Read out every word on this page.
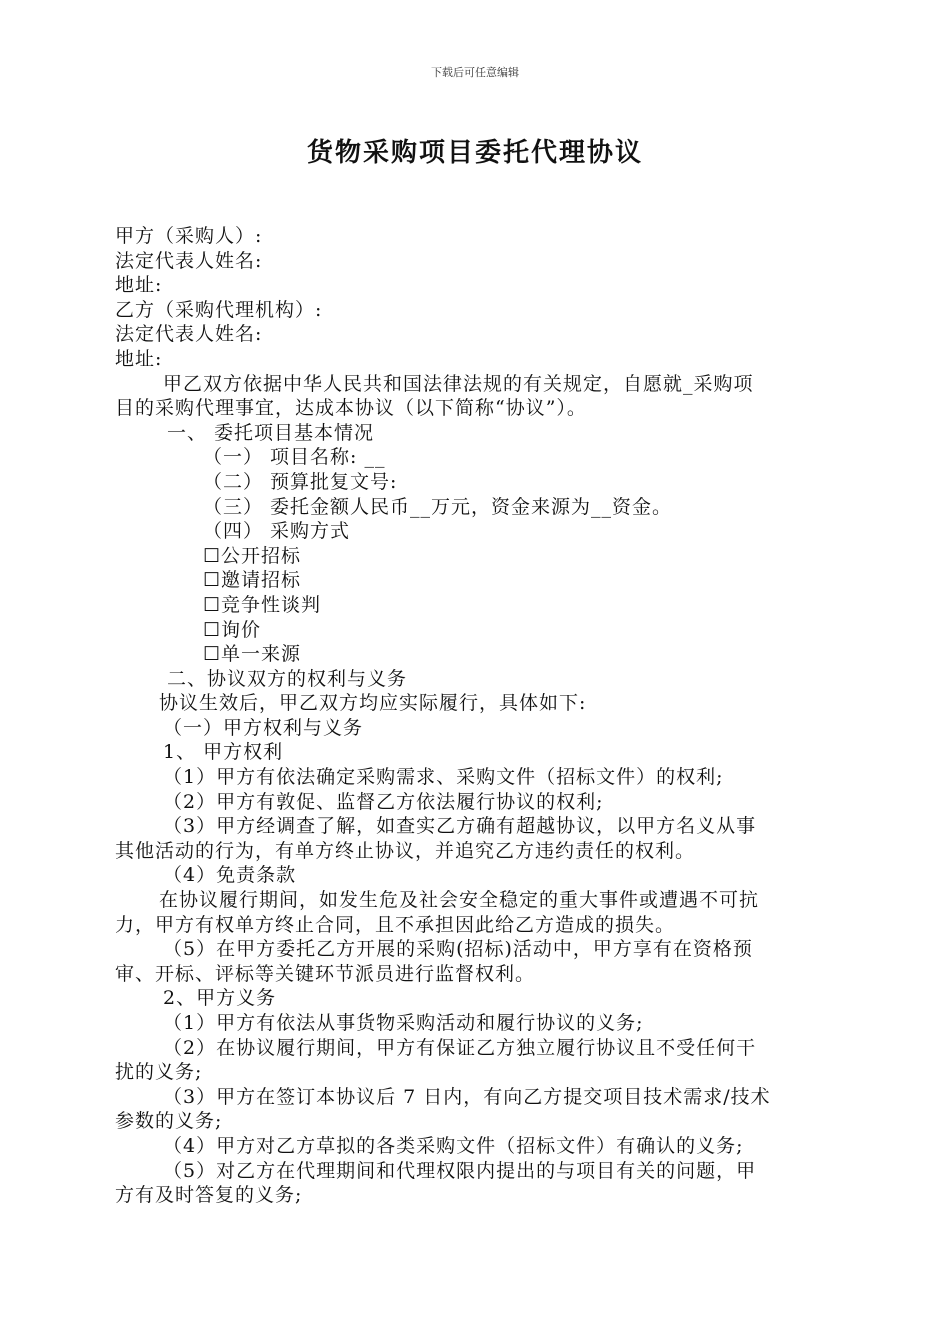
下载后可任意编辑
货物采购项目委托代理协议
甲方（采购人）:
法定代表人姓名:
地址:
乙方（采购代理机构）:
法定代表人姓名:
地址:
甲乙双方依据中华人民共和国法律法规的有关规定，自愿就_采购项
目的采购代理事宜，达成本协议（以下简称“协议”）。
一、 委托项目基本情况
（一） 项目名称: __
（二） 预算批复文号:
（三） 委托金额人民币__万元，资金来源为__资金。
（四） 采购方式
☐公开招标
☐邀请招标
☐竞争性谈判
☐询价
☐单一来源
二、协议双方的权利与义务
协议生效后，甲乙双方均应实际履行，具体如下:
（一）甲方权利与义务
1、 甲方权利
（1）甲方有依法确定采购需求、采购文件（招标文件）的权利;
（2）甲方有敦促、监督乙方依法履行协议的权利;
（3）甲方经调查了解，如查实乙方确有超越协议，以甲方名义从事
其他活动的行为，有单方终止协议，并追究乙方违约责任的权利。
（4）免责条款
在协议履行期间，如发生危及社会安全稳定的重大事件或遭遇不可抗
力，甲方有权单方终止合同，且不承担因此给乙方造成的损失。
（5）在甲方委托乙方开展的采购(招标)活动中，甲方享有在资格预
审、开标、评标等关键环节派员进行监督权利。
2、甲方义务
（1）甲方有依法从事货物采购活动和履行协议的义务;
（2）在协议履行期间，甲方有保证乙方独立履行协议且不受任何干
扰的义务;
（3）甲方在签订本协议后 7 日内，有向乙方提交项目技术需求/技术
参数的义务;
（4）甲方对乙方草拟的各类采购文件（招标文件）有确认的义务;
（5）对乙方在代理期间和代理权限内提出的与项目有关的问题，甲
方有及时答复的义务;
